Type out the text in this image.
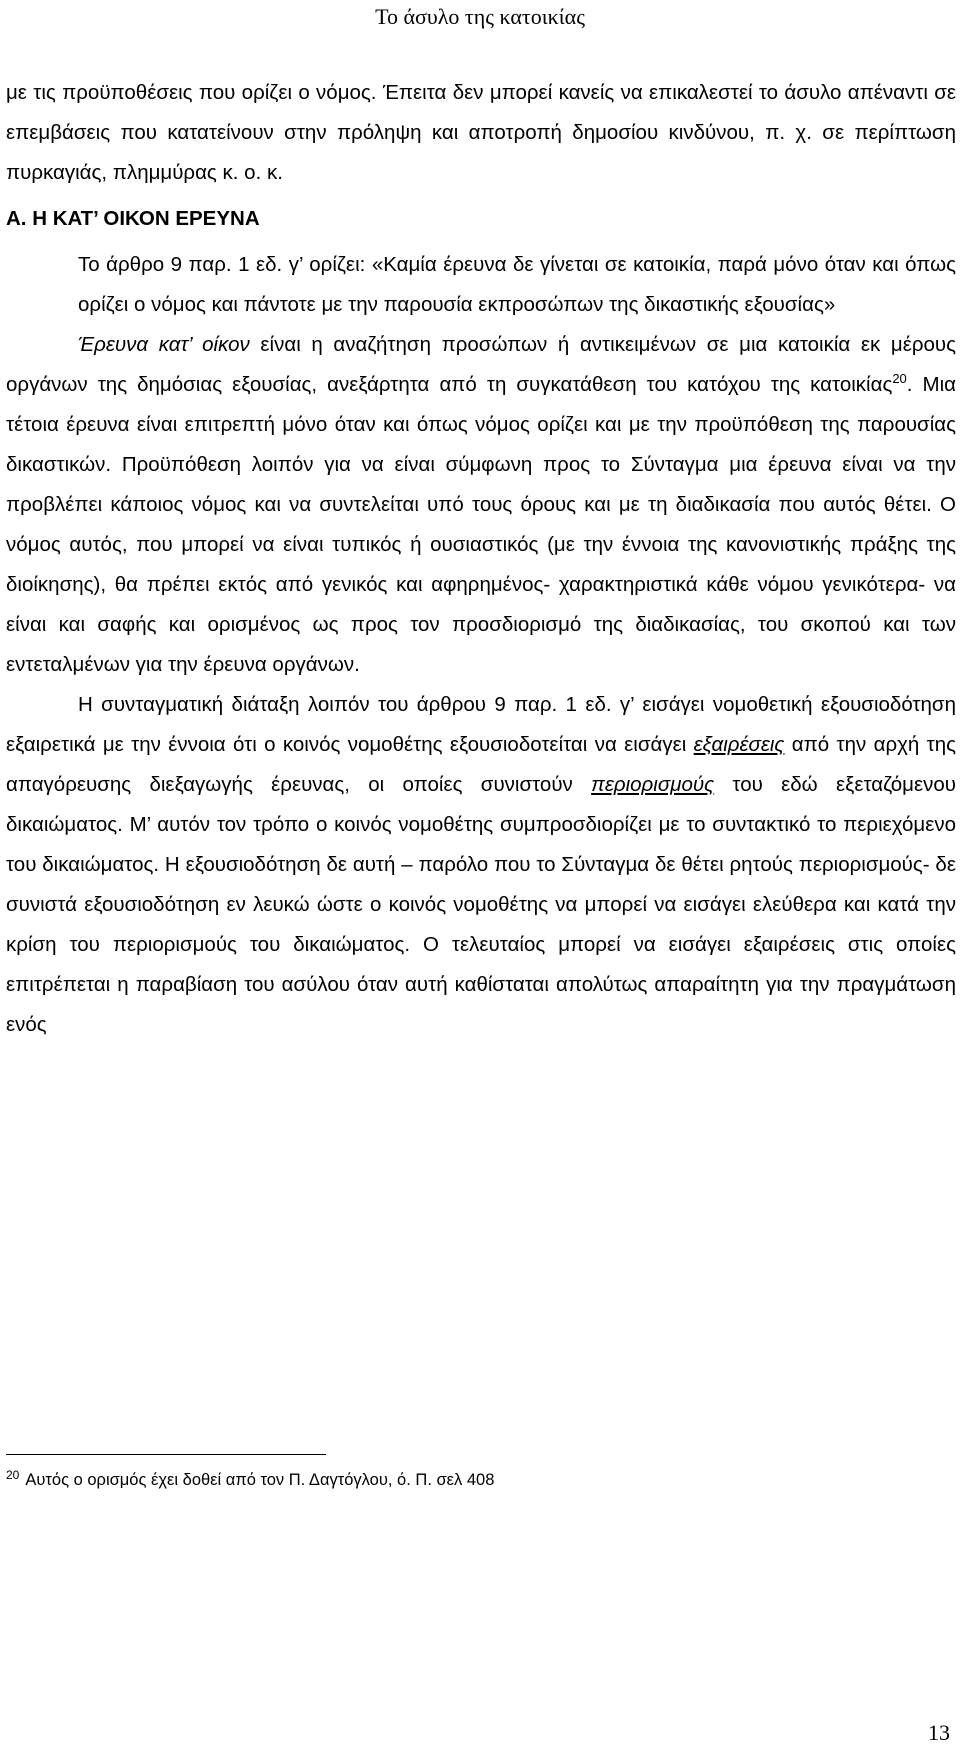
Το άσυλο της κατοικίας

με τις προϋποθέσεις που ορίζει ο νόμος. Έπειτα δεν μπορεί κανείς να επικαλεστεί το άσυλο απέναντι σε επεμβάσεις που κατατείνουν στην πρόληψη και αποτροπή δημοσίου κινδύνου, π. χ. σε περίπτωση πυρκαγιάς, πλημμύρας κ. ο. κ.

Α. Η ΚΑΤ’ ΟΙΚΟΝ ΕΡΕΥΝΑ

Το άρθρο 9 παρ. 1 εδ. γ’ ορίζει: «Καμία έρευνα δε γίνεται σε κατοικία, παρά μόνο όταν και όπως ορίζει ο νόμος και πάντοτε με την παρουσία εκπροσώπων της δικαστικής εξουσίας»

Έρευνα κατ’ οίκον είναι η αναζήτηση προσώπων ή αντικειμένων σε μια κατοικία εκ μέρους οργάνων της δημόσιας εξουσίας, ανεξάρτητα από τη συγκατάθεση του κατόχου της κατοικίας$^{20}$. Μια τέτοια έρευνα είναι επιτρεπτή μόνο όταν και όπως νόμος ορίζει και με την προϋπόθεση της παρουσίας δικαστικών. Προϋπόθεση λοιπόν για να είναι σύμφωνη προς το Σύνταγμα μια έρευνα είναι να την προβλέπει κάποιος νόμος και να συντελείται υπό τους όρους και με τη διαδικασία που αυτός θέτει. Ο νόμος αυτός, που μπορεί να είναι τυπικός ή ουσιαστικός (με την έννοια της κανονιστικής πράξης της διοίκησης), θα πρέπει εκτός από γενικός και αφηρημένος- χαρακτηριστικά κάθε νόμου γενικότερα- να είναι και σαφής και ορισμένος ως προς τον προσδιορισμό της διαδικασίας, του σκοπού και των εντεταλμένων για την έρευνα οργάνων.

Η συνταγματική διάταξη λοιπόν του άρθρου 9 παρ. 1 εδ. γ’ εισάγει νομοθετική εξουσιοδότηση εξαιρετικά με την έννοια ότι ο κοινός νομοθέτης εξουσιοδοτείται να εισάγει εξαιρέσεις από την αρχή της απαγόρευσης διεξαγωγής έρευνας, οι οποίες συνιστούν περιορισμούς του εδώ εξεταζόμενου δικαιώματος. Μ’ αυτόν τον τρόπο ο κοινός νομοθέτης συμπροσδιορίζει με το συντακτικό το περιεχόμενο του δικαιώματος. Η εξουσιοδότηση δε αυτή – παρόλο που το Σύνταγμα δε θέτει ρητούς περιορισμούς- δε συνιστά εξουσιοδότηση εν λευκώ ώστε ο κοινός νομοθέτης να μπορεί να εισάγει ελεύθερα και κατά την κρίση του περιορισμούς του δικαιώματος. Ο τελευταίος μπορεί να εισάγει εξαιρέσεις στις οποίες επιτρέπεται η παραβίαση του ασύλου όταν αυτή καθίσταται απολύτως απαραίτητη για την πραγμάτωση ενός

$^{20}$ Αυτός ο ορισμός έχει δοθεί από τον Π. Δαγτόγλου, ό. Π. σελ 408
13
